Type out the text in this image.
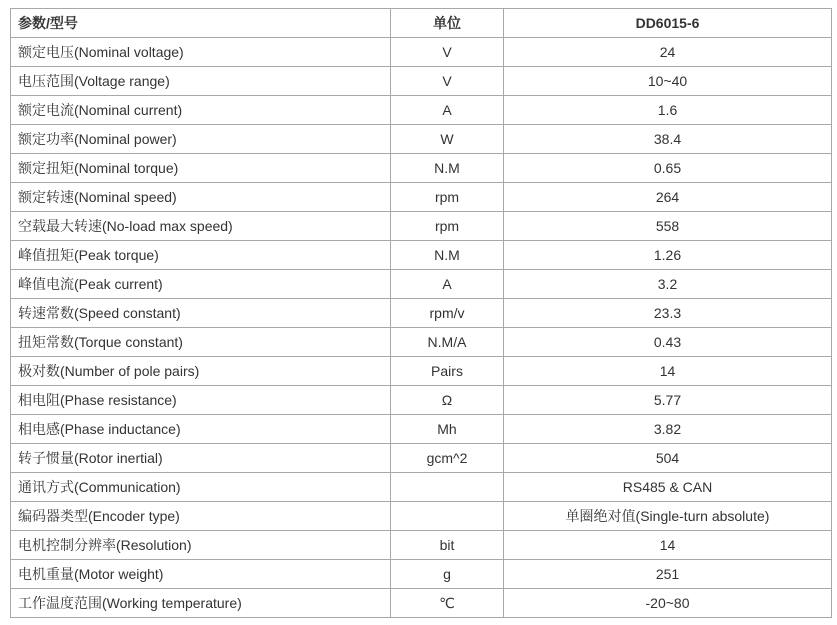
参数/型号	单位	DD6015-6
额定电压(Nominal voltage)	V	24
电压范围(Voltage range)	V	10~40
额定电流(Nominal current)	A	1.6
额定功率(Nominal power)	W	38.4
额定扭矩(Nominal torque)	N.M	0.65
额定转速(Nominal speed)	rpm	264
空载最大转速(No-load max speed)	rpm	558
峰值扭矩(Peak torque)	N.M	1.26
峰值电流(Peak current)	A	3.2
转速常数(Speed constant)	rpm/v	23.3
扭矩常数(Torque constant)	N.M/A	0.43
极对数(Number of pole pairs)	Pairs	14
相电阻(Phase resistance)	Ω	5.77
相电感(Phase inductance)	Mh	3.82
转子惯量(Rotor inertial)	gcm^2	504
通讯方式(Communication)		RS485 & CAN
编码器类型(Encoder type)		单圈绝对值(Single-turn absolute)
电机控制分辨率(Resolution)	bit	14
电机重量(Motor weight)	g	251
工作温度范围(Working temperature)	℃	-20~80
